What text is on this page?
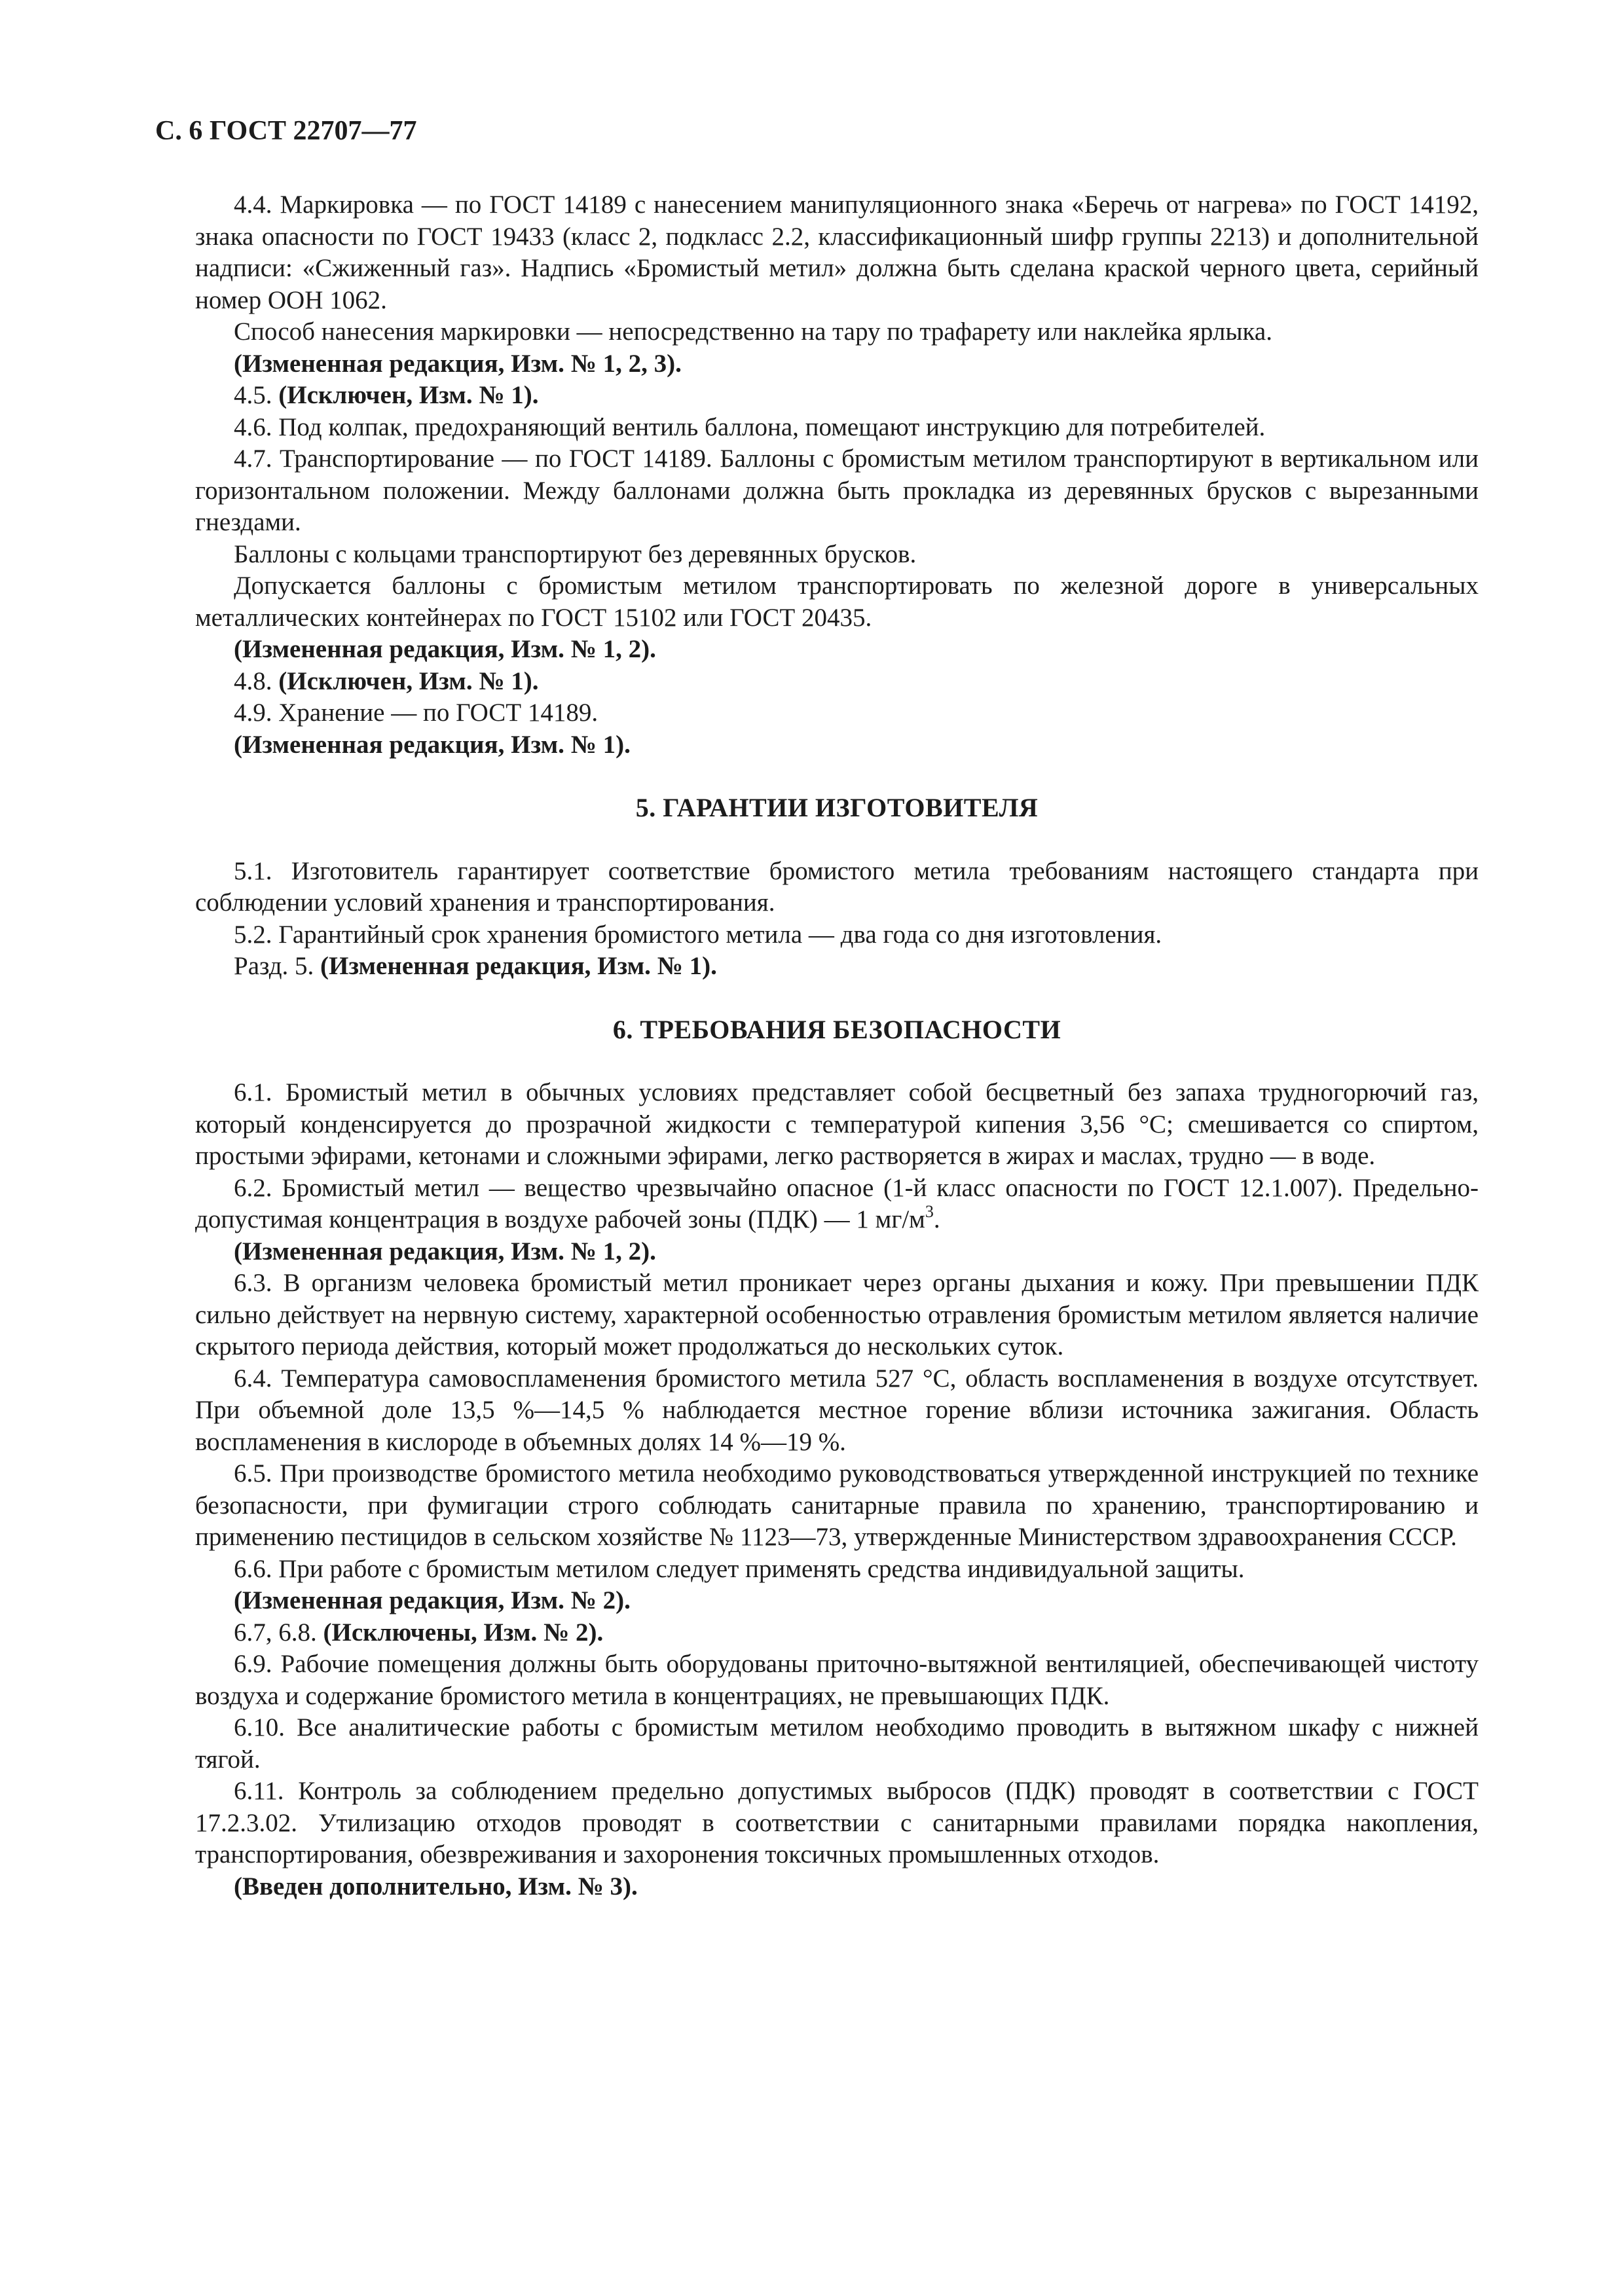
С. 6 ГОСТ 22707—77

4.4. Маркировка — по ГОСТ 14189 с нанесением манипуляционного знака «Беречь от нагрева» по ГОСТ 14192, знака опасности по ГОСТ 19433 (класс 2, подкласс 2.2, классификационный шифр группы 2213) и дополнительной надписи: «Сжиженный газ». Надпись «Бромистый метил» должна быть сделана краской черного цвета, серийный номер ООН 1062.

Способ нанесения маркировки — непосредственно на тару по трафарету или наклейка ярлыка.

(Измененная редакция, Изм. № 1, 2, 3).

4.5. (Исключен, Изм. № 1).

4.6. Под колпак, предохраняющий вентиль баллона, помещают инструкцию для потребителей.

4.7. Транспортирование — по ГОСТ 14189. Баллоны с бромистым метилом транспортируют в вертикальном или горизонтальном положении. Между баллонами должна быть прокладка из деревянных брусков с вырезанными гнездами.

Баллоны с кольцами транспортируют без деревянных брусков.

Допускается баллоны с бромистым метилом транспортировать по железной дороге в универсальных металлических контейнерах по ГОСТ 15102 или ГОСТ 20435.

(Измененная редакция, Изм. № 1, 2).

4.8. (Исключен, Изм. № 1).

4.9. Хранение — по ГОСТ 14189.

(Измененная редакция, Изм. № 1).

5. ГАРАНТИИ ИЗГОТОВИТЕЛЯ

5.1. Изготовитель гарантирует соответствие бромистого метила требованиям настоящего стандарта при соблюдении условий хранения и транспортирования.

5.2. Гарантийный срок хранения бромистого метила — два года со дня изготовления.

Разд. 5. (Измененная редакция, Изм. № 1).

6. ТРЕБОВАНИЯ БЕЗОПАСНОСТИ

6.1. Бромистый метил в обычных условиях представляет собой бесцветный без запаха трудногорючий газ, который конденсируется до прозрачной жидкости с температурой кипения 3,56 °С; смешивается со спиртом, простыми эфирами, кетонами и сложными эфирами, легко растворяется в жирах и маслах, трудно — в воде.

6.2. Бромистый метил — вещество чрезвычайно опасное (1-й класс опасности по ГОСТ 12.1.007). Предельно-допустимая концентрация в воздухе рабочей зоны (ПДК) — 1 $мг/м^3$.

(Измененная редакция, Изм. № 1, 2).

6.3. В организм человека бромистый метил проникает через органы дыхания и кожу. При превышении ПДК сильно действует на нервную систему, характерной особенностью отравления бромистым метилом является наличие скрытого периода действия, который может продолжаться до нескольких суток.

6.4. Температура самовоспламенения бромистого метила 527 °С, область воспламенения в воздухе отсутствует. При объемной доле 13,5 %—14,5 % наблюдается местное горение вблизи источника зажигания. Область воспламенения в кислороде в объемных долях 14 %—19 %.

6.5. При производстве бромистого метила необходимо руководствоваться утвержденной инструкцией по технике безопасности, при фумигации строго соблюдать санитарные правила по хранению, транспортированию и применению пестицидов в сельском хозяйстве № 1123—73, утвержденные Министерством здравоохранения СССР.

6.6. При работе с бромистым метилом следует применять средства индивидуальной защиты.

(Измененная редакция, Изм. № 2).

6.7, 6.8. (Исключены, Изм. № 2).

6.9. Рабочие помещения должны быть оборудованы приточно-вытяжной вентиляцией, обеспечивающей чистоту воздуха и содержание бромистого метила в концентрациях, не превышающих ПДК.

6.10. Все аналитические работы с бромистым метилом необходимо проводить в вытяжном шкафу с нижней тягой.

6.11. Контроль за соблюдением предельно допустимых выбросов (ПДК) проводят в соответствии с ГОСТ 17.2.3.02. Утилизацию отходов проводят в соответствии с санитарными правилами порядка накопления, транспортирования, обезвреживания и захоронения токсичных промышленных отходов.

(Введен дополнительно, Изм. № 3).
